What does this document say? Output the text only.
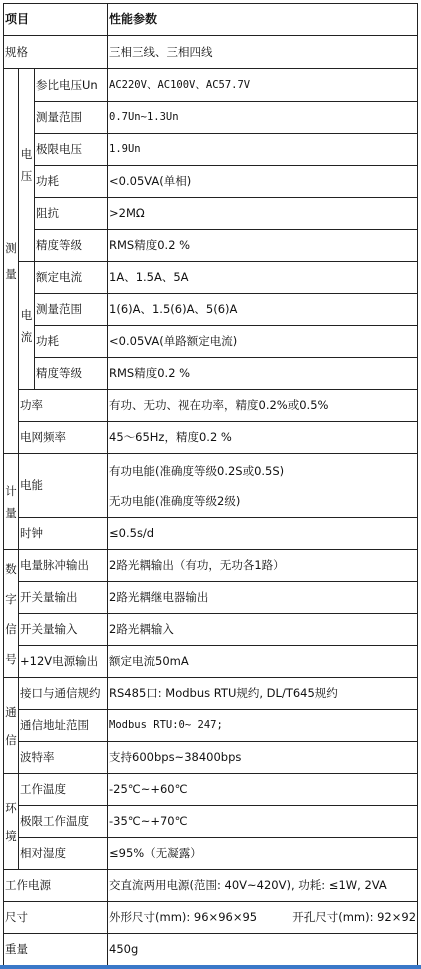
项目			性能参数
规格			三相三线、三相四线
测量	电压	参比电压Un	AC220V、AC100V、AC57.7V
		测量范围	0.7Un~1.3Un
		极限电压	1.9Un
		功耗	<0.05VA(单相)
		阻抗	>2MΩ
		精度等级	RMS精度0.2 %
	电流	额定电流	1A、1.5A、5A
		测量范围	1(6)A、1.5(6)A、5(6)A
		功耗	<0.05VA(单路额定电流)
		精度等级	RMS精度0.2 %
	功率		有功、无功、视在功率，精度0.2%或0.5%
	电网频率		45～65Hz，精度0.2 %
计量	电能		有功电能(准确度等级0.2S或0.5S)
无功电能(准确度等级2级)

	时钟		≤0.5s/d
数字信号	电量脉冲输出		2路光耦输出（有功，无功各1路）
	开关量输出		2路光耦继电器输出
	开关量输入		2路光耦输入
	+12V电源输出		额定电流50mA
通信	接口与通信规约		RS485口: Modbus RTU规约, DL/T645规约
	通信地址范围		Modbus RTU:0~ 247;
	波特率		支持600bps~38400bps
环境	工作温度		-25℃~+60℃
	极限工作温度		-35℃~+70℃
	相对湿度		≤95%（无凝露）
工作电源			交直流两用电源(范围: 40V~420V), 功耗: ≤1W, 2VA
尺寸			外形尺寸(mm): 96×96×95 开孔尺寸(mm): 92×92

重量			450g
